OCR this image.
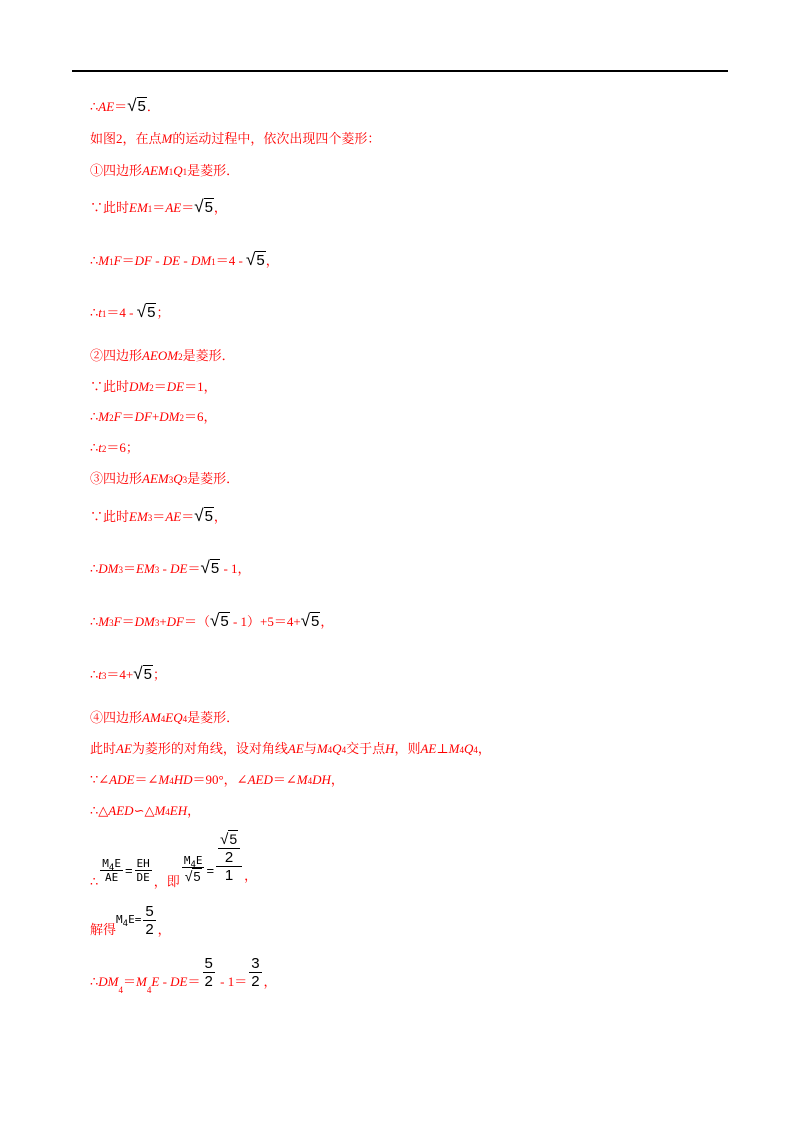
∴ AE ＝ √5 ．
如图2，在点 M 的运动过程中，依次出现四个菱形：
①四边形 AEM 1 Q 1 是菱形．
∵此时 EM 1 ＝ AE ＝ √5 ，
∴ M 1 F ＝ DF - DE - DM 1 ＝4 - √5 ，
∴ t 1 ＝4 - √5 ；
②四边形 AEOM 2 是菱形．
∵此时 DM 2 ＝ DE ＝1，
∴ M 2 F ＝ DF + DM 2 ＝6，
∴ t 2 ＝6；
③四边形 AEM 3 Q 3 是菱形．
∵此时 EM 3 ＝ AE ＝ √5 ，
∴ DM 3 ＝ EM 3 - DE ＝ √5 - 1，
∴ M 3 F ＝ DM 3 + DF ＝（ √5 - 1）+5＝4+ √5 ，
∴ t 3 ＝4+ √5 ；
④四边形 AM 4 EQ 4 是菱形．
此时 AE 为菱形的对角线，设对角线 AE 与 M 4 Q 4 交于点 H ，则 AE ⊥ M 4 Q 4 ，
∵∠ ADE ＝∠ M 4 HD ＝90°，∠ AED ＝∠ M 4 DH ，
∴△ AED ∽△ M 4 EH ，
∴ $\frac{M_4E}{AE} = \frac{EH}{DE}$ ，即 $\frac{M_4E}{√5} = \frac{\frac{√5}{2}}{1}$ ，
解得
$M_4E= \frac{5}{2}$ ，
∴ DM
4
＝ M
4
E - DE ＝ $\frac{5}{2} - 1= \frac{3}{2}$ ，
